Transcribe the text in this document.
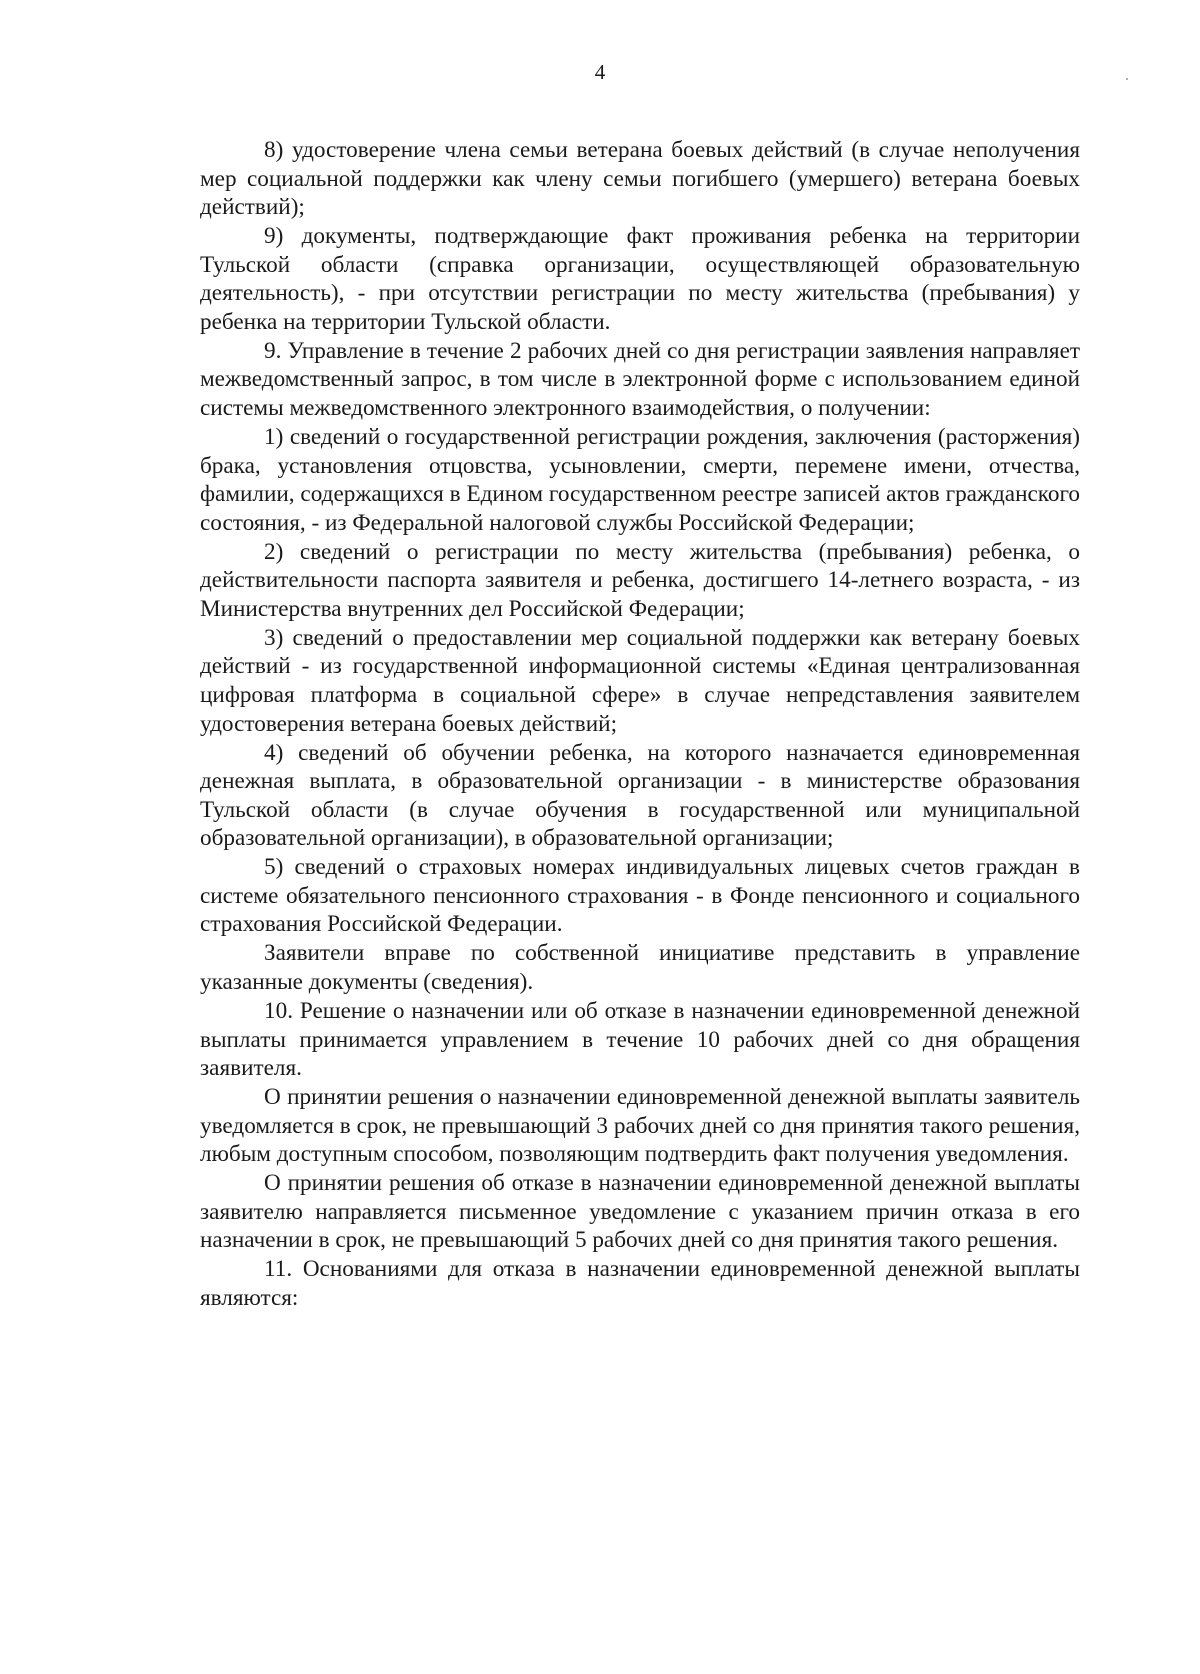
4

8) удостоверение члена семьи ветерана боевых действий (в случае неполучения мер социальной поддержки как члену семьи погибшего (умершего) ветерана боевых действий);

9) документы, подтверждающие факт проживания ребенка на территории Тульской области (справка организации, осуществляющей образовательную деятельность), - при отсутствии регистрации по месту жительства (пребывания) у ребенка на территории Тульской области.

9. Управление в течение 2 рабочих дней со дня регистрации заявления направляет межведомственный запрос, в том числе в электронной форме с использованием единой системы межведомственного электронного взаимодействия, о получении:

1) сведений о государственной регистрации рождения, заключения (расторжения) брака, установления отцовства, усыновлении, смерти, перемене имени, отчества, фамилии, содержащихся в Едином государственном реестре записей актов гражданского состояния, - из Федеральной налоговой службы Российской Федерации;

2) сведений о регистрации по месту жительства (пребывания) ребенка, о действительности паспорта заявителя и ребенка, достигшего 14-летнего возраста, - из Министерства внутренних дел Российской Федерации;

3) сведений о предоставлении мер социальной поддержки как ветерану боевых действий - из государственной информационной системы «Единая централизованная цифровая платформа в социальной сфере» в случае непредставления заявителем удостоверения ветерана боевых действий;

4) сведений об обучении ребенка, на которого назначается единовременная денежная выплата, в образовательной организации - в министерстве образования Тульской области (в случае обучения в государственной или муниципальной образовательной организации), в образовательной организации;

5) сведений о страховых номерах индивидуальных лицевых счетов граждан в системе обязательного пенсионного страхования - в Фонде пенсионного и социального страхования Российской Федерации.

Заявители вправе по собственной инициативе представить в управление указанные документы (сведения).

10. Решение о назначении или об отказе в назначении единовременной денежной выплаты принимается управлением в течение 10 рабочих дней со дня обращения заявителя.

О принятии решения о назначении единовременной денежной выплаты заявитель уведомляется в срок, не превышающий 3 рабочих дней со дня принятия такого решения, любым доступным способом, позволяющим подтвердить факт получения уведомления.

О принятии решения об отказе в назначении единовременной денежной выплаты заявителю направляется письменное уведомление с указанием причин отказа в его назначении в срок, не превышающий 5 рабочих дней со дня принятия такого решения.

11. Основаниями для отказа в назначении единовременной денежной выплаты являются:
